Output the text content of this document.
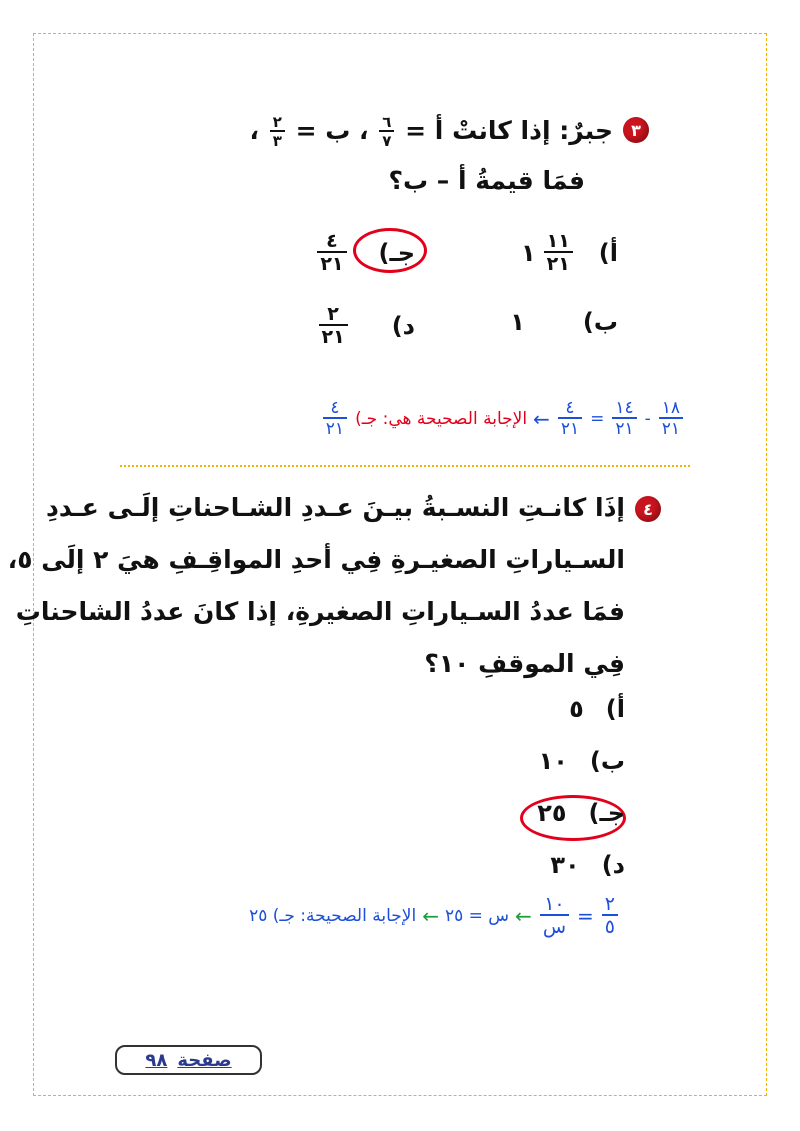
٣
جبرٌ: إذا كانتْ أ =
$\frac{٦}{٧}$
، ب =
$\frac{٢}{٣}$
،
فمَا قيمةُ أ – ب؟
أ)
$\frac{١١}{٢١}$
١
ب)
١
جـ)
$\frac{٤}{٢١}$
د)
$\frac{٢}{٢١}$
$\frac{١٨}{٢١}$
-
$\frac{١٤}{٢١}$
=
$\frac{٤}{٢١}$
←
الإجابة الصحيحة هي: جـ)
$\frac{٤}{٢١}$
٤
إذَا كانـتِ النسـبةُ بيـنَ عـددِ الشـاحناتِ إلَـى عـددِ
السـياراتِ الصغيـرةِ فِي أحدِ المواقِـفِ هيَ ٢ إلَى ٥،
فمَا عددُ السـياراتِ الصغيرةِ، إذا كانَ عددُ الشاحناتِ
فِي الموقفِ ١٠؟
أ)
٥
ب)
١٠
جـ)
٢٥
د)
٣٠
$\frac{٢}{٥}$
=
$\frac{١٠}{\text{س}}$
←
س = ٢٥
←
الإجابة الصحيحة: جـ) ٢٥
صفحة
٩٨
